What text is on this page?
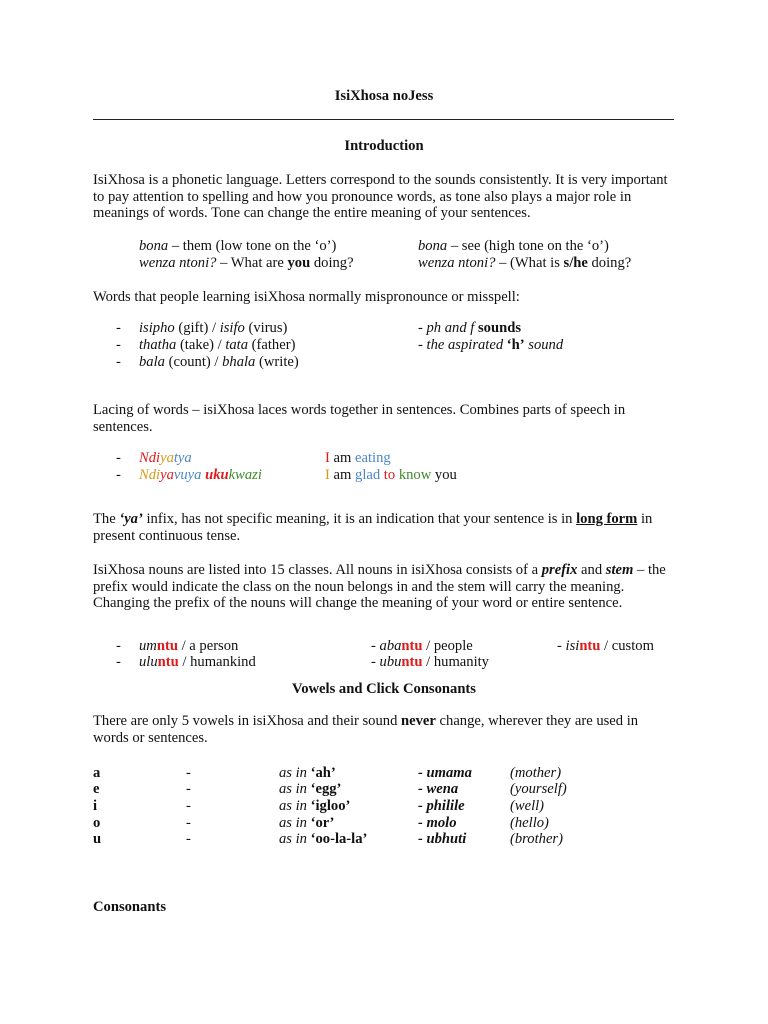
IsiXhosa noJess
Introduction
IsiXhosa is a phonetic language. Letters correspond to the sounds consistently. It is very important to pay attention to spelling and how you pronounce words, as tone also plays a major role in meanings of words. Tone can change the entire meaning of your sentences.
bona – them (low tone on the ‘o’)	bona – see (high tone on the ‘o’)
wenza ntoni? – What are you doing?	wenza ntoni? – (What is s/he doing?
Words that people learning isiXhosa normally mispronounce or misspell:
- isipho (gift) / isifo (virus)	- ph and f sounds
- thatha (take) / tata (father)	- the aspirated ‘h’ sound
- bala (count) / bhala (write)
Lacing of words – isiXhosa laces words together in sentences. Combines parts of speech in sentences.
- Ndiyatya	I am eating
- Ndiyavuya ukukwazi	I am glad to know you
The ‘ya’ infix, has not specific meaning, it is an indication that your sentence is in long form in present continuous tense.
IsiXhosa nouns are listed into 15 classes. All nouns in isiXhosa consists of a prefix and stem – the prefix would indicate the class on the noun belongs in and the stem will carry the meaning. Changing the prefix of the nouns will change the meaning of your word or entire sentence.
- umntu / a person	- abantu / people	- isintu / custom
- uluntu / humankind	- ubuntu / humanity
Vowels and Click Consonants
There are only 5 vowels in isiXhosa and their sound never change, wherever they are used in words or sentences.
a	-	as in ‘ah’	- umama	(mother)
e	-	as in ‘egg’	- wena	(yourself)
i	-	as in ‘igloo’	- philile	(well)
o	-	as in ‘or’	- molo	(hello)
u	-	as in ‘oo-la-la’	- ubhuti	(brother)
Consonants
